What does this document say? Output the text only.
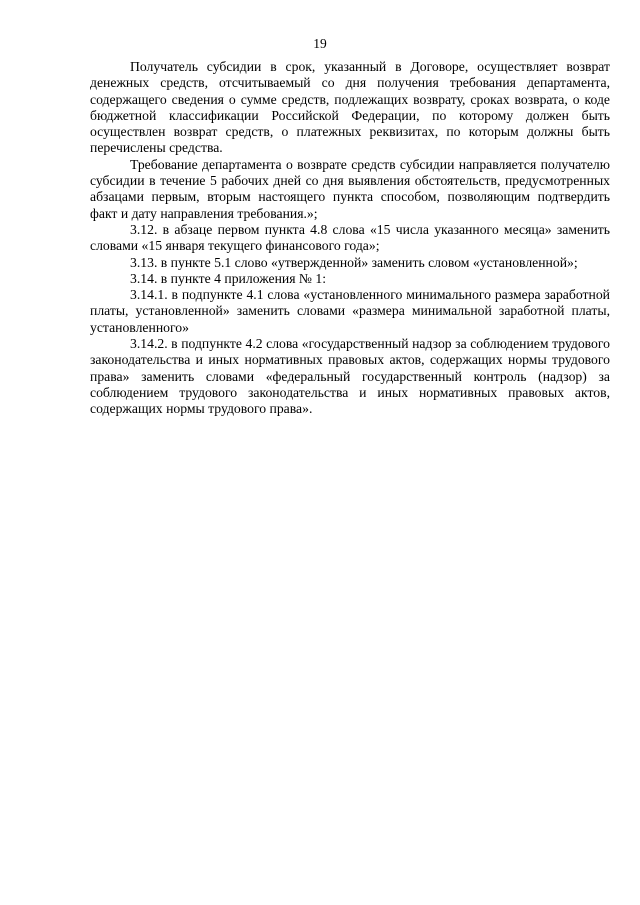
19

Получатель субсидии в срок, указанный в Договоре, осуществляет возврат денежных средств, отсчитываемый со дня получения требования департамента, содержащего сведения о сумме средств, подлежащих возврату, сроках возврата, о коде бюджетной классификации Российской Федерации, по которому должен быть осуществлен возврат средств, о платежных реквизитах, по которым должны быть перечислены средства.

Требование департамента о возврате средств субсидии направляется получателю субсидии в течение 5 рабочих дней со дня выявления обстоятельств, предусмотренных абзацами первым, вторым настоящего пункта способом, позволяющим подтвердить факт и дату направления требования.»;

3.12. в абзаце первом пункта 4.8 слова «15 числа указанного месяца» заменить словами «15 января текущего финансового года»;

3.13. в пункте 5.1 слово «утвержденной» заменить словом «установленной»;

3.14. в пункте 4 приложения № 1:

3.14.1. в подпункте 4.1 слова «установленного минимального размера заработной платы, установленной» заменить словами «размера минимальной заработной платы, установленного»

3.14.2. в подпункте 4.2 слова «государственный надзор за соблюдением трудового законодательства и иных нормативных правовых актов, содержащих нормы трудового права» заменить словами «федеральный государственный контроль (надзор) за соблюдением трудового законодательства и иных нормативных правовых актов, содержащих нормы трудового права».
